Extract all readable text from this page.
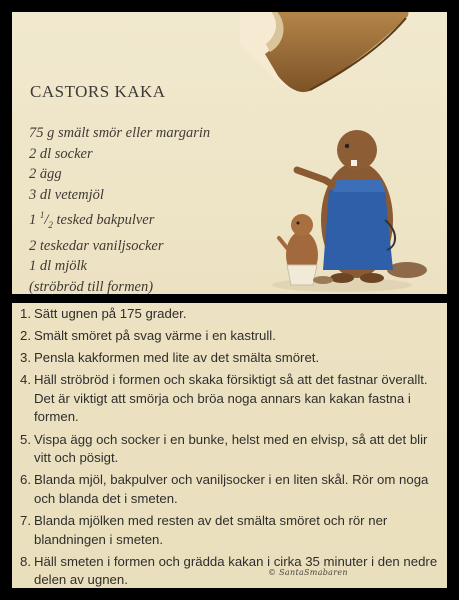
CASTORS KAKA
75 g smält smör eller margarin
2 dl socker
2 ägg
3 dl vetemjöl
1 $^1/_2$ tesked bakpulver
2 teskedar vaniljsocker
1 dl mjölk
(ströbröd till formen)
1. Sätt ugnen på 175 grader.
2. Smält smöret på svag värme i en kastrull.
3. Pensla kakformen med lite av det smälta smöret.
4. Häll ströbröd i formen och skaka försiktigt så att det fastnar överallt. Det är viktigt att smörja och bröa noga annars kan kakan fastna i formen.
5. Vispa ägg och socker i en bunke, helst med en elvisp, så att det blir vitt och pösigt.
6. Blanda mjöl, bakpulver och vaniljsocker i en liten skål. Rör om noga och blanda det i smeten.
7. Blanda mjölken med resten av det smälta smöret och rör ner blandningen i smeten.
8. Häll smeten i formen och grädda kakan i cirka 35 minuter i den nedre delen av ugnen.	© SantaSmabaren
